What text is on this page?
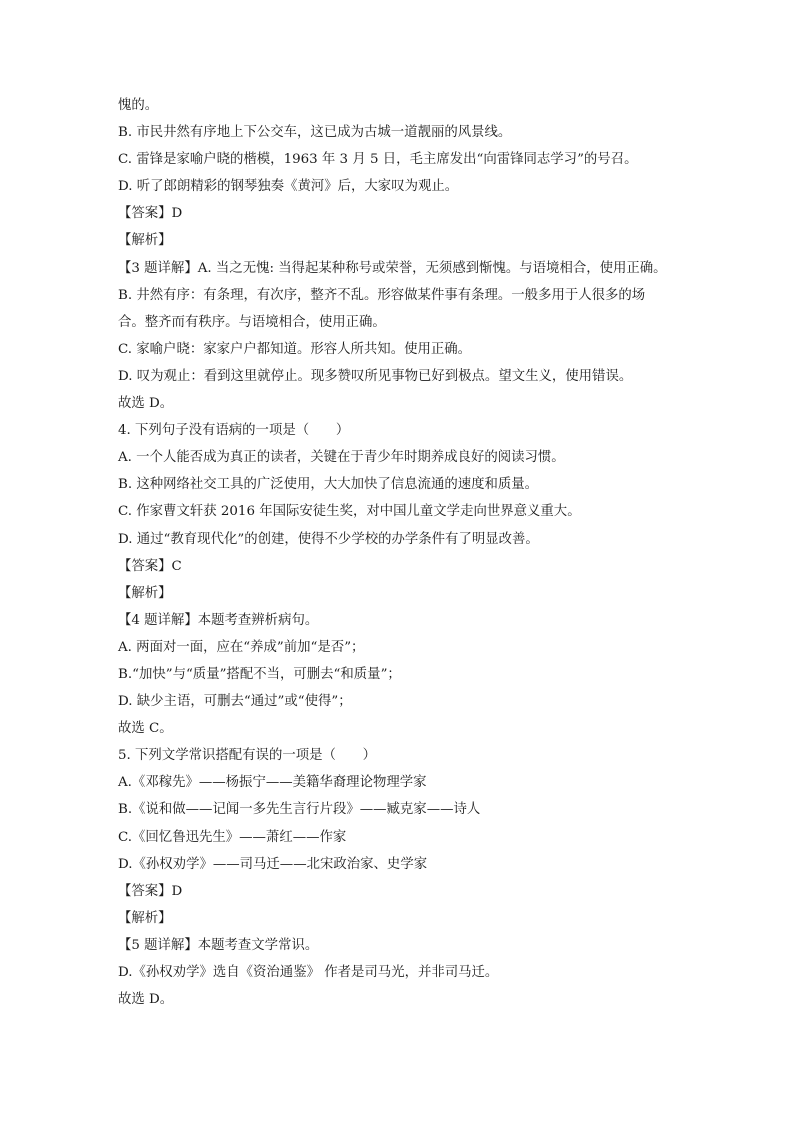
愧的。

B. 市民井然有序地上下公交车，这已成为古城一道靓丽的风景线。

C. 雷锋是家喻户晓的楷模，1963 年 3 月 5 日，毛主席发出“向雷锋同志学习”的号召。

D. 听了郎朗精彩的钢琴独奏《黄河》后，大家叹为观止。

【答案】D

【解析】

【3 题详解】A. 当之无愧: 当得起某种称号或荣誉，无须感到惭愧。与语境相合，使用正确。

B. 井然有序：有条理，有次序，整齐不乱。形容做某件事有条理。一般多用于人很多的场

合。整齐而有秩序。与语境相合，使用正确。

C. 家喻户晓：家家户户都知道。形容人所共知。使用正确。

D. 叹为观止：看到这里就停止。现多赞叹所见事物已好到极点。望文生义，使用错误。

故选 D。

4. 下列句子没有语病的一项是（　　）

A. 一个人能否成为真正的读者，关键在于青少年时期养成良好的阅读习惯。

B. 这种网络社交工具的广泛使用，大大加快了信息流通的速度和质量。

C. 作家曹文轩获 2016 年国际安徒生奖，对中国儿童文学走向世界意义重大。

D. 通过“教育现代化”的创建，使得不少学校的办学条件有了明显改善。

【答案】C

【解析】

【4 题详解】本题考查辨析病句。

A. 两面对一面，应在“养成”前加“是否”；

B.“加快”与“质量”搭配不当，可删去“和质量”；

D. 缺少主语，可删去“通过”或“使得”；

故选 C。

5. 下列文学常识搭配有误的一项是（　　）

A.《邓稼先》——杨振宁——美籍华裔理论物理学家

B.《说和做——记闻一多先生言行片段》——臧克家——诗人

C.《回忆鲁迅先生》——萧红——作家

D.《孙权劝学》——司马迁——北宋政治家、史学家

【答案】D

【解析】

【5 题详解】本题考查文学常识。

D.《孙权劝学》选自《资治通鉴》 作者是司马光，并非司马迁。

故选 D。
